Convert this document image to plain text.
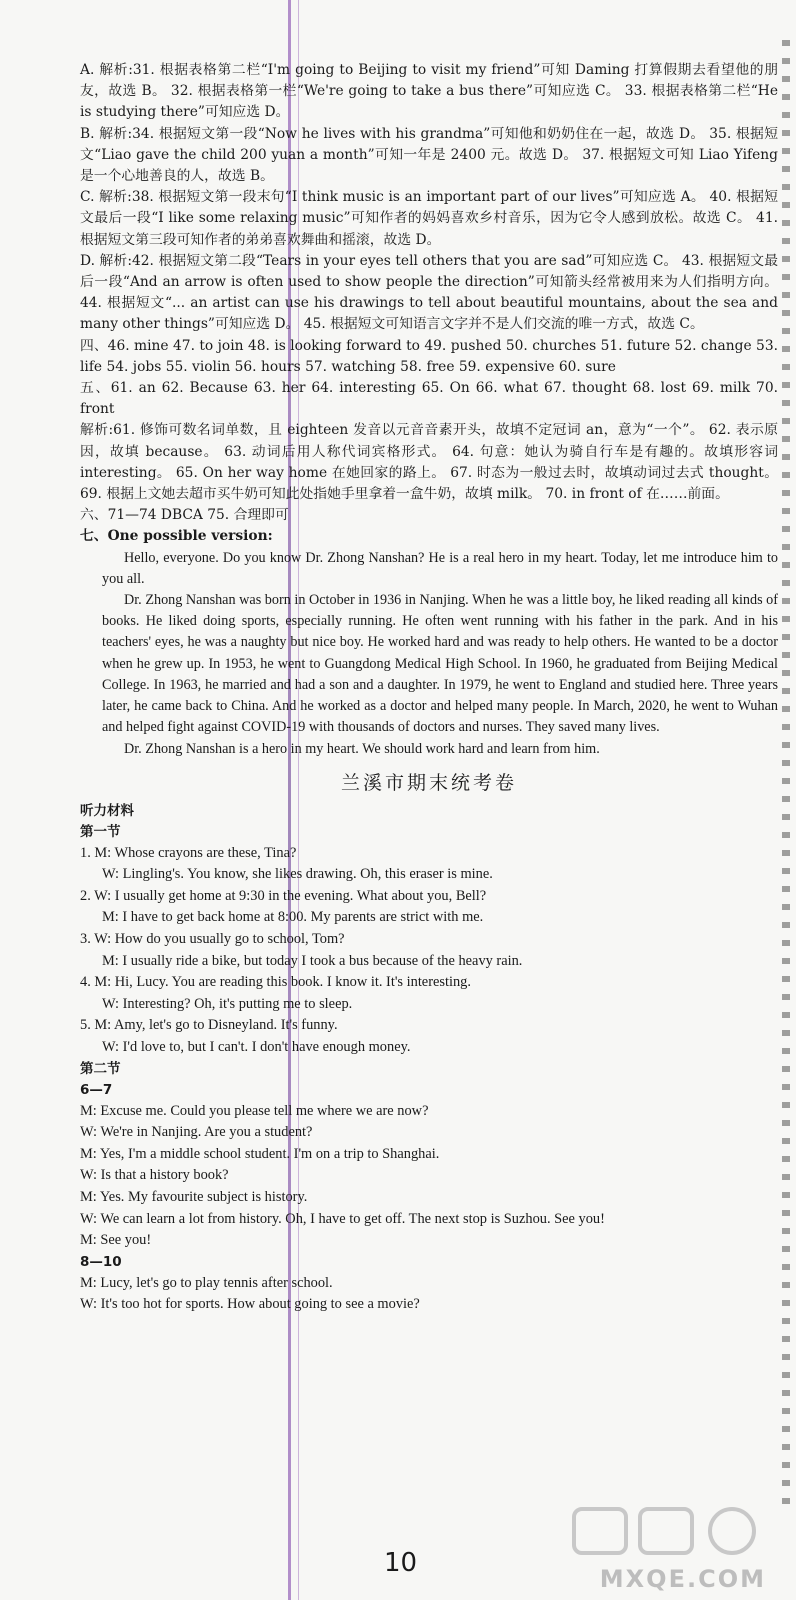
A. 解析:31. 根据表格第二栏“I'm going to Beijing to visit my friend”可知 Daming 打算假期去看望他的朋友，故选 B。 32. 根据表格第一栏“We're going to take a bus there”可知应选 C。 33. 根据表格第二栏“He is studying there”可知应选 D。

B. 解析:34. 根据短文第一段“Now he lives with his grandma”可知他和奶奶住在一起，故选 D。 35. 根据短文“Liao gave the child 200 yuan a month”可知一年是 2400 元。故选 D。 37. 根据短文可知 Liao Yifeng 是一个心地善良的人，故选 B。

C. 解析:38. 根据短文第一段末句“I think music is an important part of our lives”可知应选 A。 40. 根据短文最后一段“I like some relaxing music”可知作者的妈妈喜欢乡村音乐，因为它令人感到放松。故选 C。 41. 根据短文第三段可知作者的弟弟喜欢舞曲和摇滚，故选 D。

D. 解析:42. 根据短文第二段“Tears in your eyes tell others that you are sad”可知应选 C。 43. 根据短文最后一段“And an arrow is often used to show people the direction”可知箭头经常被用来为人们指明方向。 44. 根据短文“... an artist can use his drawings to tell about beautiful mountains, about the sea and many other things”可知应选 D。 45. 根据短文可知语言文字并不是人们交流的唯一方式，故选 C。

四、46. mine 47. to join 48. is looking forward to 49. pushed 50. churches 51. future 52. change 53. life 54. jobs 55. violin 56. hours 57. watching 58. free 59. expensive 60. sure

五、61. an 62. Because 63. her 64. interesting 65. On 66. what 67. thought 68. lost 69. milk 70. front

解析:61. 修饰可数名词单数，且 eighteen 发音以元音音素开头，故填不定冠词 an，意为“一个”。 62. 表示原因，故填 because。 63. 动词后用人称代词宾格形式。 64. 句意：她认为骑自行车是有趣的。故填形容词 interesting。 65. On her way home 在她回家的路上。 67. 时态为一般过去时，故填动词过去式 thought。 69. 根据上文她去超市买牛奶可知此处指她手里拿着一盒牛奶，故填 milk。 70. in front of 在……前面。

六、71—74 DBCA 75. 合理即可

七、One possible version:

Hello, everyone. Do you know Dr. Zhong Nanshan? He is a real hero in my heart. Today, let me introduce him to you all.

Dr. Zhong Nanshan was born in October in 1936 in Nanjing. When he was a little boy, he liked reading all kinds of books. He liked doing sports, especially running. He often went running with his father in the park. And in his teachers' eyes, he was a naughty but nice boy. He worked hard and was ready to help others. He wanted to be a doctor when he grew up. In 1953, he went to Guangdong Medical High School. In 1960, he graduated from Beijing Medical College. In 1963, he married and had a son and a daughter. In 1979, he went to England and studied here. Three years later, he came back to China. And he worked as a doctor and helped many people. In March, 2020, he went to Wuhan and helped fight against COVID-19 with thousands of doctors and nurses. They saved many lives.

Dr. Zhong Nanshan is a hero in my heart. We should work hard and learn from him.

兰溪市期末统考卷

听力材料

第一节

1. M: Whose crayons are these, Tina?

W: Lingling's. You know, she likes drawing. Oh, this eraser is mine.

2. W: I usually get home at 9:30 in the evening. What about you, Bell?

M: I have to get back home at 8:00. My parents are strict with me.

3. W: How do you usually go to school, Tom?

M: I usually ride a bike, but today I took a bus because of the heavy rain.

4. M: Hi, Lucy. You are reading this book. I know it. It's interesting.

W: Interesting? Oh, it's putting me to sleep.

5. M: Amy, let's go to Disneyland. It's funny.

W: I'd love to, but I can't. I don't have enough money.

第二节

6—7

M: Excuse me. Could you please tell me where we are now?

W: We're in Nanjing. Are you a student?

M: Yes, I'm a middle school student. I'm on a trip to Shanghai.

W: Is that a history book?

M: Yes. My favourite subject is history.

W: We can learn a lot from history. Oh, I have to get off. The next stop is Suzhou. See you!

M: See you!

8—10

M: Lucy, let's go to play tennis after school.

W: It's too hot for sports. How about going to see a movie?

10
MXQE.COM
